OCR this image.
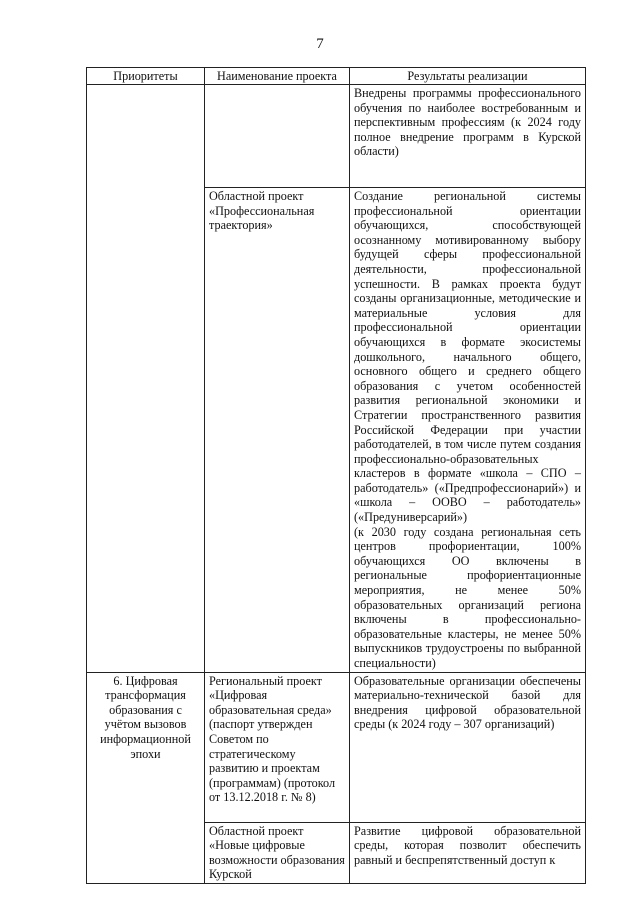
7
Приоритеты	Наименование проекта	Результаты реализации

		Внедрены программы профессионального обучения по наиболее востребованным и перспективным профессиям (к 2024 году полное внедрение программ в Курской области)

	Областной проект «Профессиональная траектория»	Создание региональной системы профессиональной ориентации обучающихся, способствующей осознанному мотивированному выбору будущей сферы профессиональной деятельности, профессиональной успешности. В рамках проекта будут созданы организационные, методические и материальные условия для профессиональной ориентации обучающихся в формате экосистемы дошкольного, начального общего, основного общего и среднего общего образования с учетом особенностей развития региональной экономики и Стратегии пространственного развития Российской Федерации при участии работодателей, в том числе путем создания профессионально-образовательных кластеров в формате «школа – СПО – работодатель» («Предпрофессионарий») и «школа – ООВО – работодатель» («Предуниверсарий»)

(к 2030 году создана региональная сеть центров профориентации, 100% обучающихся ОО включены в региональные профориентационные мероприятия, не менее 50% образовательных организаций региона включены в профессионально-образовательные кластеры, не менее 50% выпускников трудоустроены по выбранной специальности)

6. Цифровая трансформация образования с учётом вызовов информационной эпохи	Региональный проект «Цифровая образовательная среда» (паспорт утвержден Советом по стратегическому развитию и проектам (программам) (протокол от 13.12.2018 г. № 8)	Образовательные организации обеспечены материально-технической базой для внедрения цифровой образовательной среды (к 2024 году – 307 организаций)

	Областной проект «Новые цифровые возможности образования Курской	Развитие цифровой образовательной среды, которая позволит обеспечить равный и беспрепятственный доступ к
